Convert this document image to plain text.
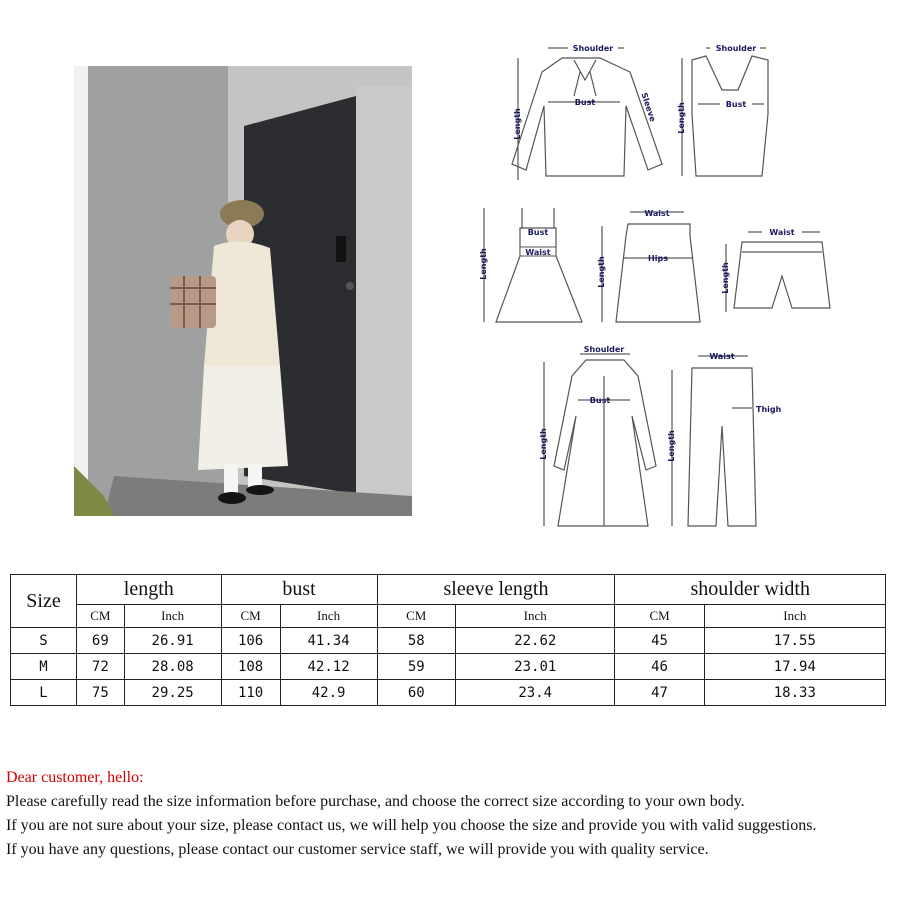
Shoulder
Length
Bust	Sleeve
Shoulder
Length	Bust
Length
Bust
Waist
Waist
Length	Hips
Waist
Length
Shoulder
Length
Bust
Waist
Length
Thigh
Size	length		bust		sleeve length		shoulder width	
	CM	Inch	CM	Inch	CM	Inch	CM	Inch
S	69	26.91	106	41.34	58	22.62	45	17.55
M	72	28.08	108	42.12	59	23.01	46	17.94
L	75	29.25	110	42.9	60	23.4	47	18.33
Dear customer, hello:
Please carefully read the size information before purchase, and choose the correct size according to your own body.
If you are not sure about your size, please contact us, we will help you choose the size and provide you with valid suggestions.
If you have any questions, please contact our customer service staff, we will provide you with quality service.
